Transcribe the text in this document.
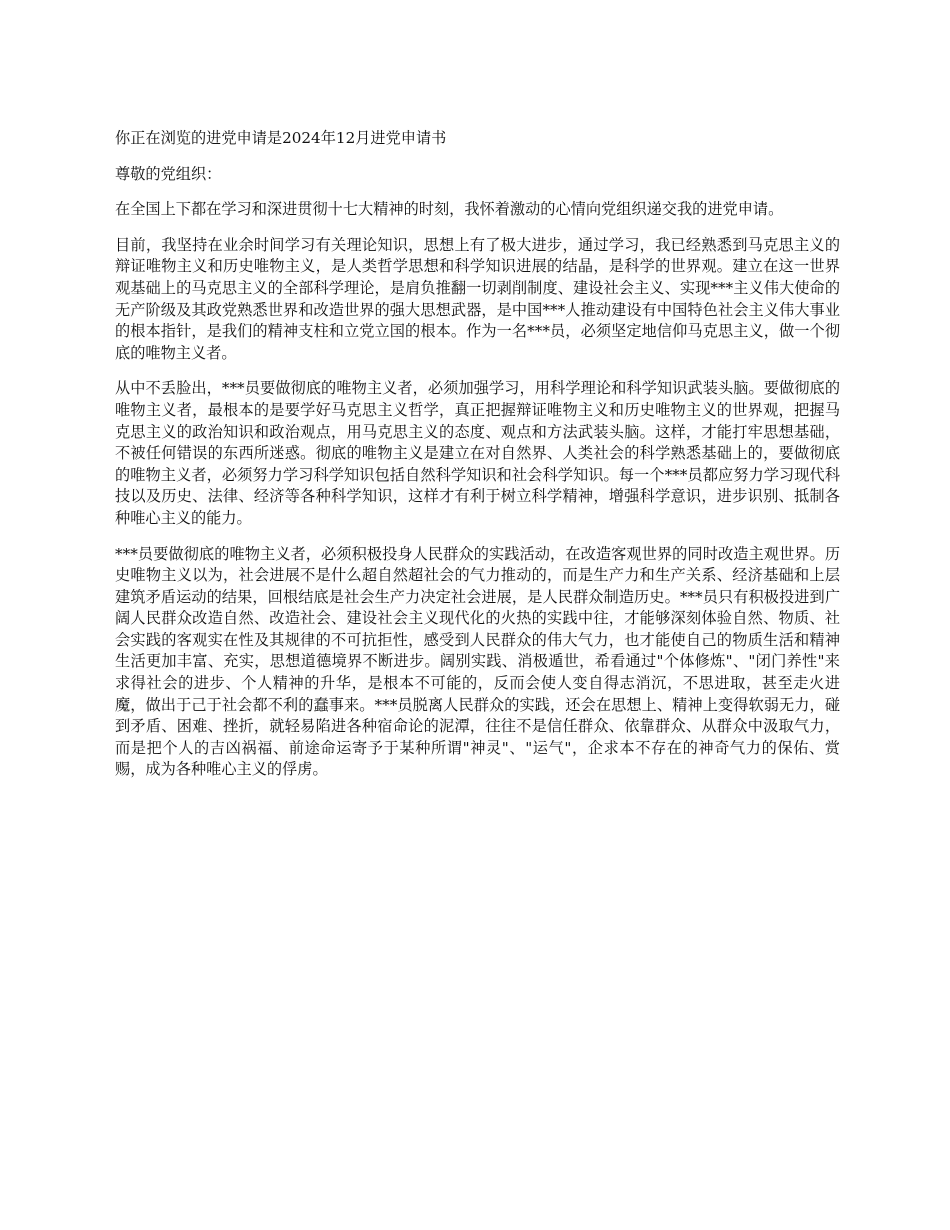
你正在浏览的进党申请是2024年12月进党申请书

尊敬的党组织：

在全国上下都在学习和深进贯彻十七大精神的时刻，我怀着激动的心情向党组织递交我的进党申请。

目前，我坚持在业余时间学习有关理论知识，思想上有了极大进步，通过学习，我已经熟悉到马克思主义的辩证唯物主义和历史唯物主义，是人类哲学思想和科学知识进展的结晶，是科学的世界观。建立在这一世界观基础上的马克思主义的全部科学理论，是肩负推翻一切剥削制度、建设社会主义、实现***主义伟大使命的无产阶级及其政党熟悉世界和改造世界的强大思想武器，是中国***人推动建设有中国特色社会主义伟大事业的根本指针，是我们的精神支柱和立党立国的根本。作为一名***员，必须坚定地信仰马克思主义，做一个彻底的唯物主义者。

从中不丢脸出，***员要做彻底的唯物主义者，必须加强学习，用科学理论和科学知识武装头脑。要做彻底的唯物主义者，最根本的是要学好马克思主义哲学，真正把握辩证唯物主义和历史唯物主义的世界观，把握马克思主义的政治知识和政治观点，用马克思主义的态度、观点和方法武装头脑。这样，才能打牢思想基础，不被任何错误的东西所迷惑。彻底的唯物主义是建立在对自然界、人类社会的科学熟悉基础上的，要做彻底的唯物主义者，必须努力学习科学知识包括自然科学知识和社会科学知识。每一个***员都应努力学习现代科技以及历史、法律、经济等各种科学知识，这样才有利于树立科学精神，增强科学意识，进步识别、抵制各种唯心主义的能力。

***员要做彻底的唯物主义者，必须积极投身人民群众的实践活动，在改造客观世界的同时改造主观世界。历史唯物主义以为，社会进展不是什么超自然超社会的气力推动的，而是生产力和生产关系、经济基础和上层建筑矛盾运动的结果，回根结底是社会生产力决定社会进展，是人民群众制造历史。***员只有积极投进到广阔人民群众改造自然、改造社会、建设社会主义现代化的火热的实践中往，才能够深刻体验自然、物质、社会实践的客观实在性及其规律的不可抗拒性，感受到人民群众的伟大气力，也才能使自己的物质生活和精神生活更加丰富、充实，思想道德境界不断进步。阔别实践、消极遁世，希看通过"个体修炼"、"闭门养性"来求得社会的进步、个人精神的升华，是根本不可能的，反而会使人变自得志消沉，不思进取，甚至走火进魔，做出于己于社会都不利的蠢事来。***员脱离人民群众的实践，还会在思想上、精神上变得软弱无力，碰到矛盾、困难、挫折，就轻易陷进各种宿命论的泥潭，往往不是信任群众、依靠群众、从群众中汲取气力，而是把个人的吉凶祸福、前途命运寄予于某种所谓"神灵"、"运气"，企求本不存在的神奇气力的保佑、赏赐，成为各种唯心主义的俘虏。
